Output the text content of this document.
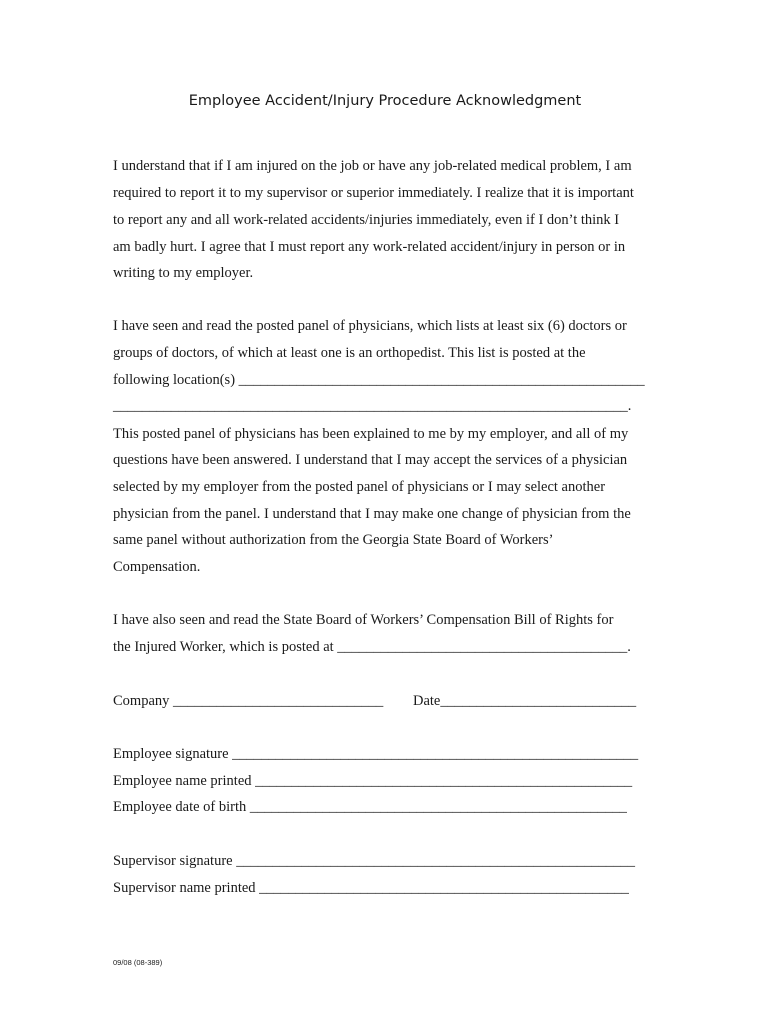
Employee Accident/Injury Procedure Acknowledgment
I understand that if I am injured on the job or have any job-related medical problem, I am
required to report it to my supervisor or superior immediately. I realize that it is important
to report any and all work-related accidents/injuries immediately, even if I don’t think I
am badly hurt. I agree that I must report any work-related accident/injury in person or in
writing to my employer.
I have seen and read the posted panel of physicians, which lists at least six (6) doctors or
groups of doctors, of which at least one is an orthopedist. This list is posted at the
following location(s) ________________________________________________________
_______________________________________________________________________.
This posted panel of physicians has been explained to me by my employer, and all of my
questions have been answered. I understand that I may accept the services of a physician
selected by my employer from the posted panel of physicians or I may select another
physician from the panel. I understand that I may make one change of physician from the
same panel without authorization from the Georgia State Board of Workers’
Compensation.
I have also seen and read the State Board of Workers’ Compensation Bill of Rights for
the Injured Worker, which is posted at ________________________________________.
Company _____________________________ Date___________________________
Employee signature ________________________________________________________
Employee name printed ____________________________________________________
Employee date of birth ____________________________________________________
Supervisor signature _______________________________________________________
Supervisor name printed ___________________________________________________
09/08 (08-389)
